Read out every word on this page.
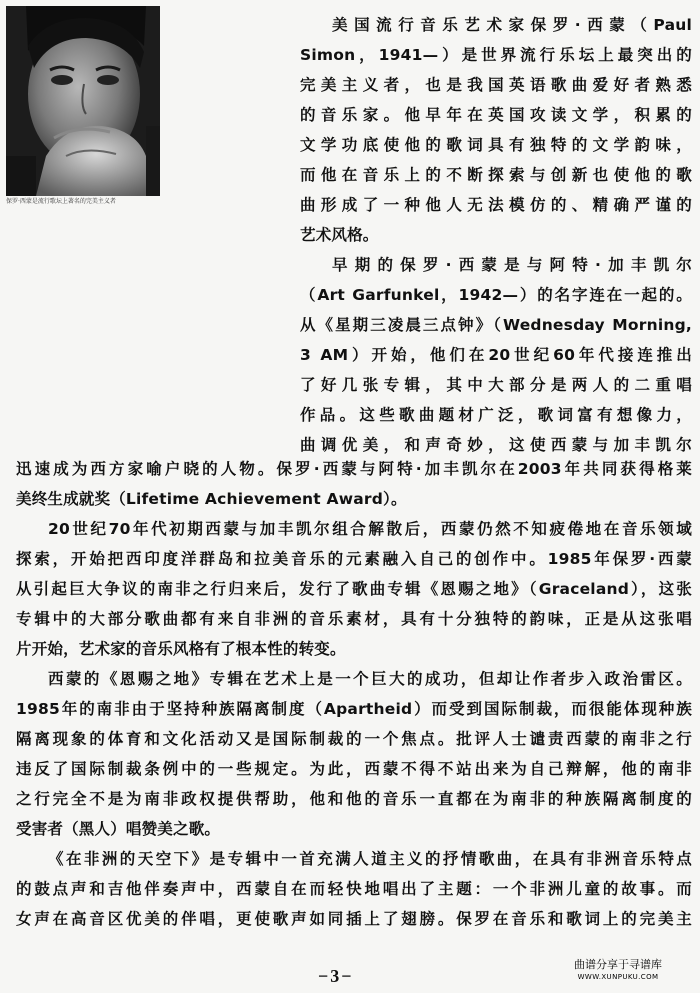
保罗·西蒙是流行歌坛上著名的完美主义者
美国流行音乐艺术家保罗·西蒙（Paul
Simon，1941—）是世界流行乐坛上最突出的
完美主义者，也是我国英语歌曲爱好者熟悉
的音乐家。他早年在英国攻读文学，积累的
文学功底使他的歌词具有独特的文学韵味，
而他在音乐上的不断探索与创新也使他的歌
曲形成了一种他人无法模仿的、精确严谨的
艺术风格。
早期的保罗·西蒙是与阿特·加丰凯尔
（Art Garfunkel，1942—）的名字连在一起的。
从《星期三凌晨三点钟》（Wednesday Morning,
3 AM）开始，他们在20世纪60年代接连推出
了好几张专辑，其中大部分是两人的二重唱
作品。这些歌曲题材广泛，歌词富有想像力，
曲调优美，和声奇妙，这使西蒙与加丰凯尔
迅速成为西方家喻户晓的人物。保罗·西蒙与阿特·加丰凯尔在2003年共同获得格莱
美终生成就奖（Lifetime Achievement Award）。
20世纪70年代初期西蒙与加丰凯尔组合解散后，西蒙仍然不知疲倦地在音乐领域
探索，开始把西印度洋群岛和拉美音乐的元素融入自己的创作中。1985年保罗·西蒙
从引起巨大争议的南非之行归来后，发行了歌曲专辑《恩赐之地》（Graceland），这张
专辑中的大部分歌曲都有来自非洲的音乐素材，具有十分独特的韵味，正是从这张唱
片开始，艺术家的音乐风格有了根本性的转变。
西蒙的《恩赐之地》专辑在艺术上是一个巨大的成功，但却让作者步入政治雷区。
1985年的南非由于坚持种族隔离制度（Apartheid）而受到国际制裁，而很能体现种族
隔离现象的体育和文化活动又是国际制裁的一个焦点。批评人士谴责西蒙的南非之行
违反了国际制裁条例中的一些规定。为此，西蒙不得不站出来为自己辩解，他的南非
之行完全不是为南非政权提供帮助，他和他的音乐一直都在为南非的种族隔离制度的
受害者（黑人）唱赞美之歌。
《在非洲的天空下》是专辑中一首充满人道主义的抒情歌曲，在具有非洲音乐特点
的鼓点声和吉他伴奏声中，西蒙自在而轻快地唱出了主题：一个非洲儿童的故事。而
女声在高音区优美的伴唱，更使歌声如同插上了翅膀。保罗在音乐和歌词上的完美主
−3−
曲谱分享于寻谱库
WWW.XUNPUKU.COM
